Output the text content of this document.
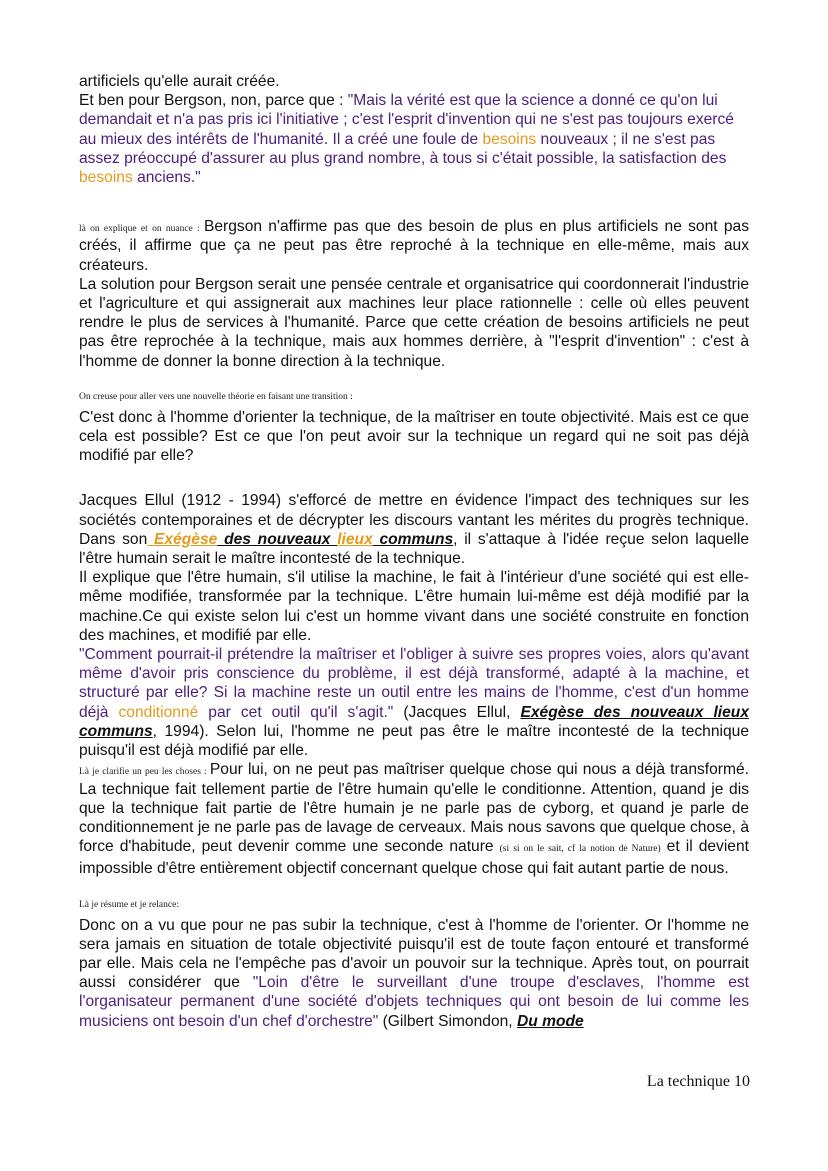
artificiels qu'elle aurait créée.
Et ben pour Bergson, non, parce que : "Mais la vérité est que la science a donné ce qu'on lui demandait et n'a pas pris ici l'initiative ; c'est l'esprit d'invention qui ne s'est pas toujours exercé au mieux des intérêts de l'humanité. Il a créé une foule de besoins nouveaux ; il ne s'est pas assez préoccupé d'assurer au plus grand nombre, à tous si c'était possible, la satisfaction des besoins anciens."

là on explique et on nuance : Bergson n'affirme pas que des besoin de plus en plus artificiels ne sont pas créés, il affirme que ça ne peut pas être reproché à la technique en elle-même, mais aux créateurs.

La solution pour Bergson serait une pensée centrale et organisatrice qui coordonnerait l'industrie et l'agriculture et qui assignerait aux machines leur place rationnelle : celle où elles peuvent rendre le plus de services à l'humanité. Parce que cette création de besoins artificiels ne peut pas être reprochée à la technique, mais aux hommes derrière, à "l'esprit d'invention" : c'est à l'homme de donner la bonne direction à la technique.

On creuse pour aller vers une nouvelle théorie en faisant une transition :

C'est donc à l'homme d'orienter la technique, de la maîtriser en toute objectivité. Mais est ce que cela est possible? Est ce que l'on peut avoir sur la technique un regard qui ne soit pas déjà modifié par elle?

Jacques Ellul (1912 - 1994) s'efforcé de mettre en évidence l'impact des techniques sur les sociétés contemporaines et de décrypter les discours vantant les mérites du progrès technique. Dans son Exégèse des nouveaux lieux communs, il s'attaque à l'idée reçue selon laquelle l'être humain serait le maître incontesté de la technique.

Il explique que l'être humain, s'il utilise la machine, le fait à l'intérieur d'une société qui est elle-même modifiée, transformée par la technique. L'être humain lui-même est déjà modifié par la machine.Ce qui existe selon lui c'est un homme vivant dans une société construite en fonction des machines, et modifié par elle.

"Comment pourrait-il prétendre la maîtriser et l'obliger à suivre ses propres voies, alors qu'avant même d'avoir pris conscience du problème, il est déjà transformé, adapté à la machine, et structuré par elle? Si la machine reste un outil entre les mains de l'homme, c'est d'un homme déjà conditionné par cet outil qu'il s'agit." (Jacques Ellul, Exégèse des nouveaux lieux communs, 1994). Selon lui, l'homme ne peut pas être le maître incontesté de la technique puisqu'il est déjà modifié par elle.

Là je clarifie un peu les choses : Pour lui, on ne peut pas maîtriser quelque chose qui nous a déjà transformé. La technique fait tellement partie de l'être humain qu'elle le conditionne. Attention, quand je dis que la technique fait partie de l'être humain je ne parle pas de cyborg, et quand je parle de conditionnement je ne parle pas de lavage de cerveaux. Mais nous savons que quelque chose, à force d'habitude, peut devenir comme une seconde nature (si si on le sait, cf la notion de Nature) et il devient impossible d'être entièrement objectif concernant quelque chose qui fait autant partie de nous.

Là je résume et je relance:

Donc on a vu que pour ne pas subir la technique, c'est à l'homme de l'orienter. Or l'homme ne sera jamais en situation de totale objectivité puisqu'il est de toute façon entouré et transformé par elle. Mais cela ne l'empêche pas d'avoir un pouvoir sur la technique. Après tout, on pourrait aussi considérer que "Loin d'être le surveillant d'une troupe d'esclaves, l'homme est l'organisateur permanent d'une société d'objets techniques qui ont besoin de lui comme les musiciens ont besoin d'un chef d'orchestre" (Gilbert Simondon, Du mode

La technique 10
